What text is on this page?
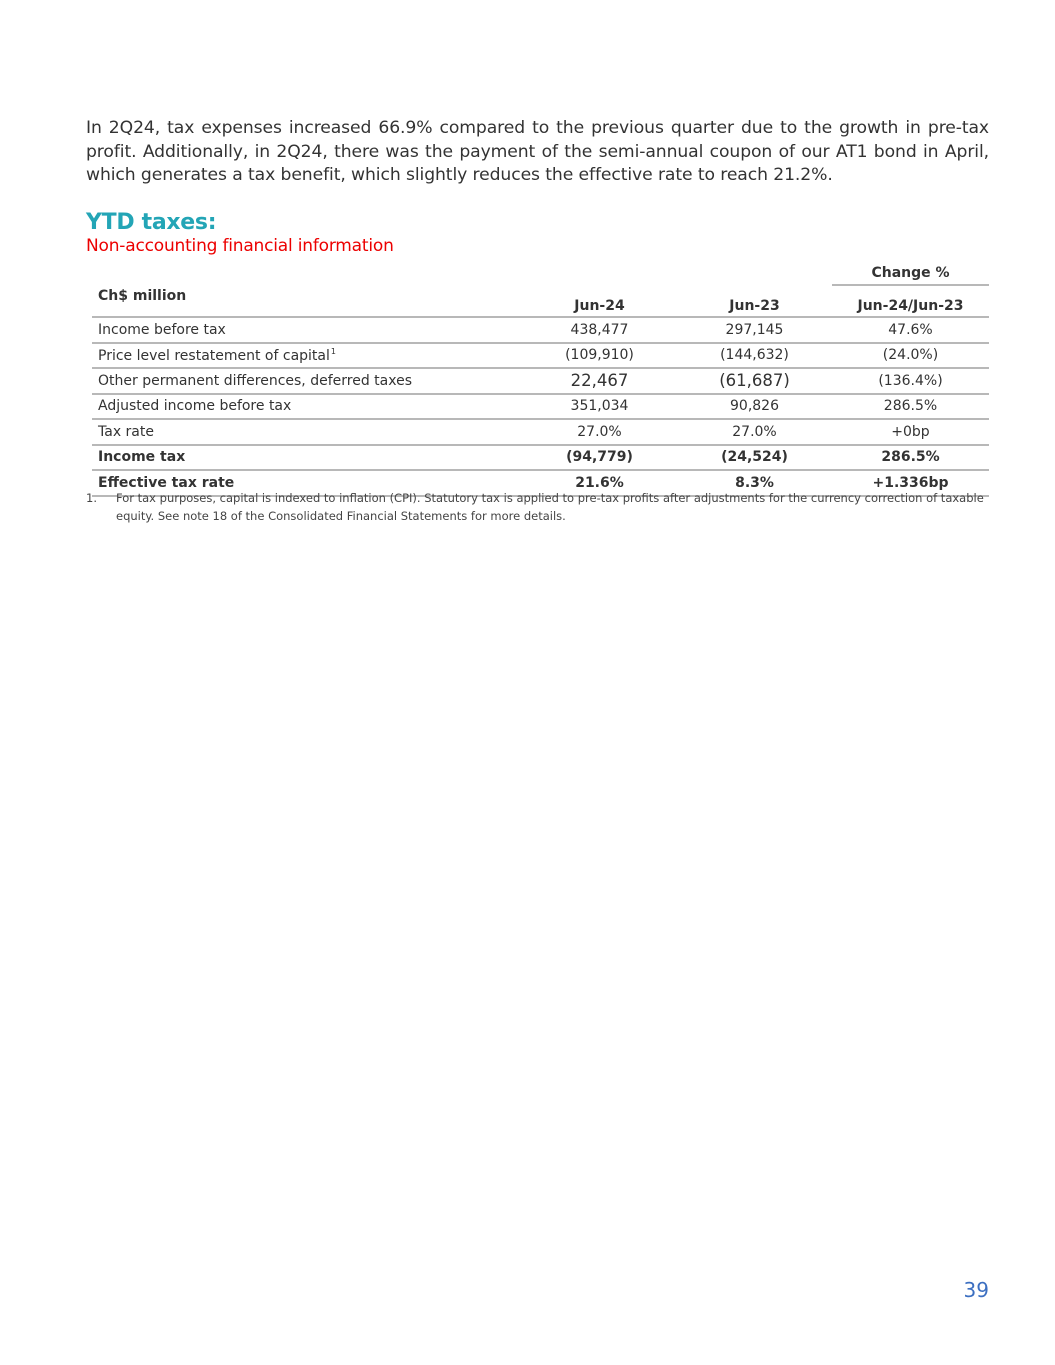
In 2Q24, tax expenses increased 66.9% compared to the previous quarter due to the growth in pre-tax profit. Additionally, in 2Q24, there was the payment of the semi-annual coupon of our AT1 bond in April, which generates a tax benefit, which slightly reduces the effective rate to reach 21.2%.

YTD taxes:
Non-accounting financial information
			Change %
Ch$ million	Jun-24	Jun-23	Jun-24/Jun-23
Income before tax	438,477	297,145	47.6%
Price level restatement of capital$^1$	(109,910)	(144,632)	(24.0%)
Other permanent differences, deferred taxes	22,467	(61,687)	(136.4%)
Adjusted income before tax	351,034	90,826	286.5%
Tax rate	27.0%	27.0%	+0bp
Income tax	(94,779)	(24,524)	286.5%
Effective tax rate	21.6%	8.3%	+1.336bp
1.	For tax purposes, capital is indexed to inflation (CPI). Statutory tax is applied to pre-tax profits after adjustments for the currency correction of taxable equity. See note 18 of the Consolidated Financial Statements for more details.
39
